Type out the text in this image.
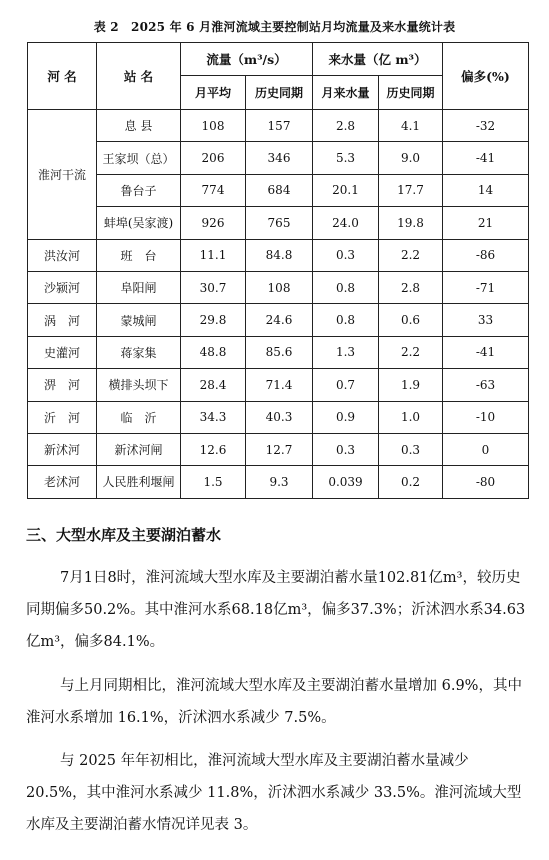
表 2　2025 年 6 月淮河流域主要控制站月均流量及来水量统计表
河 名	站 名	流量（m³/s）		来水量（亿 m³）		偏多(%)
		月平均	历史同期	月来水量	历史同期	
淮河干流	息 县	108	157	2.8	4.1	-32
	王家坝（总）	206	346	5.3	9.0	-41
	鲁台子	774	684	20.1	17.7	14
	蚌埠(吴家渡)	926	765	24.0	19.8	21
洪汝河	班　台	11.1	84.8	0.3	2.2	-86
沙颍河	阜阳闸	30.7	108	0.8	2.8	-71
涡　河	蒙城闸	29.8	24.6	0.8	0.6	33
史灌河	蒋家集	48.8	85.6	1.3	2.2	-41
淠　河	横排头坝下	28.4	71.4	0.7	1.9	-63
沂　河	临　沂	34.3	40.3	0.9	1.0	-10
新沭河	新沭河闸	12.6	12.7	0.3	0.3	0
老沭河	人民胜利堰闸	1.5	9.3	0.039	0.2	-80
三、大型水库及主要湖泊蓄水

7月1日8时，淮河流域大型水库及主要湖泊蓄水量102.81亿m³，较历史同期偏多50.2%。其中淮河水系68.18亿m³，偏多37.3%；沂沭泗水系34.63亿m³，偏多84.1%。

与上月同期相比，淮河流域大型水库及主要湖泊蓄水量增加 6.9%，其中淮河水系增加 16.1%，沂沭泗水系减少 7.5%。

与 2025 年年初相比，淮河流域大型水库及主要湖泊蓄水量减少 20.5%，其中淮河水系减少 11.8%，沂沭泗水系减少 33.5%。淮河流域大型水库及主要湖泊蓄水情况详见表 3。
